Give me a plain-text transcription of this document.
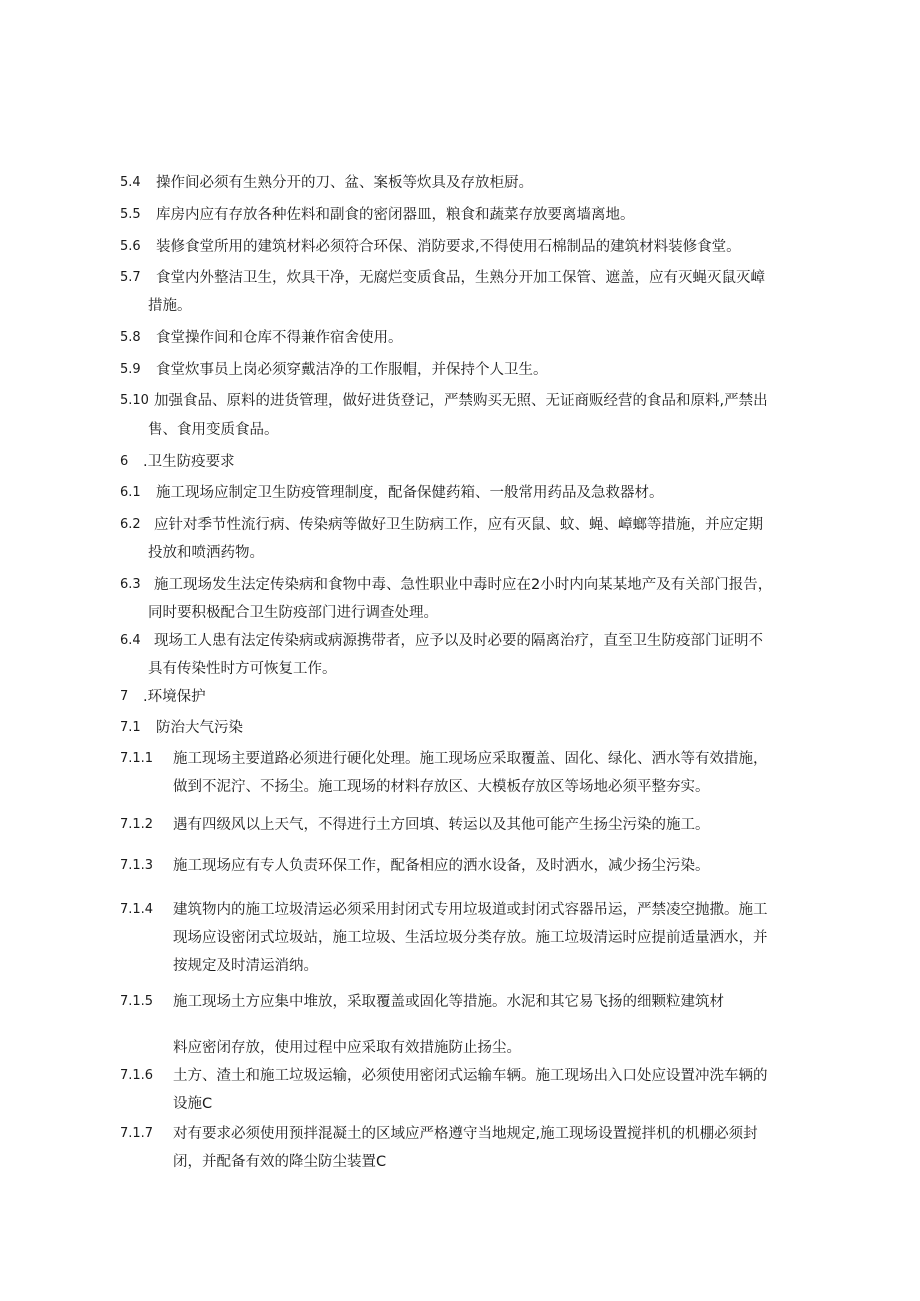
5.4 操作间必须有生熟分开的刀、盆、案板等炊具及存放柜厨。
5.5 库房内应有存放各种佐料和副食的密闭器皿，粮食和蔬菜存放要离墙离地。
5.6 装修食堂所用的建筑材料必须符合环保、消防要求,不得使用石棉制品的建筑材料装修食堂。
5.7 食堂内外整洁卫生，炊具干净，无腐烂变质食品，生熟分开加工保管、遮盖，应有灭蝇灭鼠灭嶂
措施。
5.8 食堂操作间和仓库不得兼作宿舍使用。
5.9 食堂炊事员上岗必须穿戴洁净的工作服帽，并保持个人卫生。
5.10 加强食品、原料的进货管理，做好进货登记，严禁购买无照、无证商贩经营的食品和原料,严禁出
售、食用变质食品。
6 .卫生防疫要求
6.1 施工现场应制定卫生防疫管理制度，配备保健药箱、一般常用药品及急救器材。
6.2 应针对季节性流行病、传染病等做好卫生防病工作，应有灭鼠、蚊、蝇、嶂螂等措施，并应定期
投放和喷洒药物。
6.3 施工现场发生法定传染病和食物中毒、急性职业中毒时应在2小时内向某某地产及有关部门报告，
同时要积极配合卫生防疫部门进行调查处理。
6.4 现场工人患有法定传染病或病源携带者，应予以及时必要的隔离治疗，直至卫生防疫部门证明不
具有传染性时方可恢复工作。
7 .环境保护
7.1 防治大气污染
7.1.1 施工现场主要道路必须进行硬化处理。施工现场应采取覆盖、固化、绿化、洒水等有效措施，
做到不泥泞、不扬尘。施工现场的材料存放区、大模板存放区等场地必须平整夯实。
7.1.2 遇有四级风以上天气，不得进行土方回填、转运以及其他可能产生扬尘污染的施工。
7.1.3 施工现场应有专人负责环保工作，配备相应的洒水设备，及时洒水，减少扬尘污染。
7.1.4 建筑物内的施工垃圾清运必须采用封闭式专用垃圾道或封闭式容器吊运，严禁凌空抛撒。施工
现场应设密闭式垃圾站，施工垃圾、生活垃圾分类存放。施工垃圾清运时应提前适量洒水，并
按规定及时清运消纳。
7.1.5 施工现场土方应集中堆放，采取覆盖或固化等措施。水泥和其它易飞扬的细颗粒建筑材
料应密闭存放，使用过程中应采取有效措施防止扬尘。
7.1.6 土方、渣土和施工垃圾运输，必须使用密闭式运输车辆。施工现场出入口处应设置冲洗车辆的
设施C
7.1.7 对有要求必须使用预拌混凝土的区域应严格遵守当地规定,施工现场设置搅拌机的机棚必须封
闭，并配备有效的降尘防尘装置C
